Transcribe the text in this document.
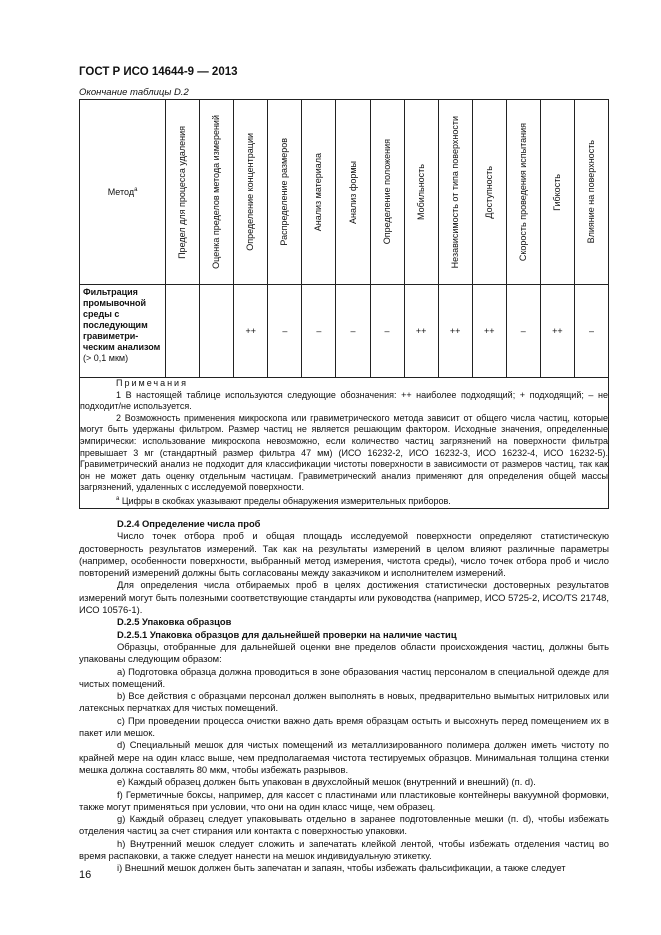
ГОСТ Р ИСО 14644-9 — 2013
Окончание таблицы D.2
Метод$^a$	Предел для процесса удаления	Оценка пределов метода измерений	Определение концентрации	Распределение размеров	Анализ материала	Анализ формы	Определение положения	Мобильность	Независимость от типа поверхности	Доступность	Скорость проведения испытания	Гибкость	Влияние на поверхность

Фильтрация промывочной среды с последующим гравиметри-ческим анализом
(> 0,1 мкм)			++	–	–	–	–	++	++	++	–	++	–

Примечания
1 В настоящей таблице используются следующие обозначения: ++ наиболее подходящий; + подходящий; – не подходит/не используется.
2 Возможность применения микроскопа или гравиметрического метода зависит от общего числа частиц, которые могут быть удержаны фильтром. Размер частиц не является решающим фактором. Исходные значения, определенные эмпирически: использование микроскопа невозможно, если количество частиц загрязнений на поверхности фильтра превышает 3 мг (стандартный размер фильтра 47 мм) (ИСО 16232-2, ИСО 16232-3, ИСО 16232-4, ИСО 16232-5). Гравиметрический анализ не подходит для классификации чистоты поверхности в зависимости от размеров частиц, так как он не может дать оценку отдельным частицам. Гравиметрический анализ применяют для определения общей массы загрязнений, удаленных с исследуемой поверхности.
$^a$ Цифры в скобках указывают пределы обнаружения измерительных приборов.													

D.2.4 Определение числа проб

Число точек отбора проб и общая площадь исследуемой поверхности определяют статистическую достоверность результатов измерений. Так как на результаты измерений в целом влияют различные параметры (например, особенности поверхности, выбранный метод измерения, чистота среды), число точек отбора проб и число повторений измерений должны быть согласованы между заказчиком и исполнителем измерений.

Для определения числа отбираемых проб в целях достижения статистически достоверных результатов измерений могут быть полезными соответствующие стандарты или руководства (например, ИСО 5725-2, ИСО/TS 21748, ИСО 10576-1).

D.2.5 Упаковка образцов

D.2.5.1 Упаковка образцов для дальнейшей проверки на наличие частиц

Образцы, отобранные для дальнейшей оценки вне пределов области происхождения частиц, должны быть упакованы следующим образом:

a) Подготовка образца должна проводиться в зоне образования частиц персоналом в специальной одежде для чистых помещений.

b) Все действия с образцами персонал должен выполнять в новых, предварительно вымытых нитриловых или латексных перчатках для чистых помещений.

c) При проведении процесса очистки важно дать время образцам остыть и высохнуть перед помещением их в пакет или мешок.

d) Специальный мешок для чистых помещений из металлизированного полимера должен иметь чистоту по крайней мере на один класс выше, чем предполагаемая чистота тестируемых образцов. Минимальная толщина стенки мешка должна составлять 80 мкм, чтобы избежать разрывов.

e) Каждый образец должен быть упакован в двухслойный мешок (внутренний и внешний) (п. d).

f) Герметичные боксы, например, для кассет с пластинами или пластиковые контейнеры вакуумной формовки, также могут применяться при условии, что они на один класс чище, чем образец.

g) Каждый образец следует упаковывать отдельно в заранее подготовленные мешки (п. d), чтобы избежать отделения частиц за счет стирания или контакта с поверхностью упаковки.

h) Внутренний мешок следует сложить и запечатать клейкой лентой, чтобы избежать отделения частиц во время распаковки, а также следует нанести на мешок индивидуальную этикетку.

i) Внешний мешок должен быть запечатан и запаян, чтобы избежать фальсификации, а также следует

16
